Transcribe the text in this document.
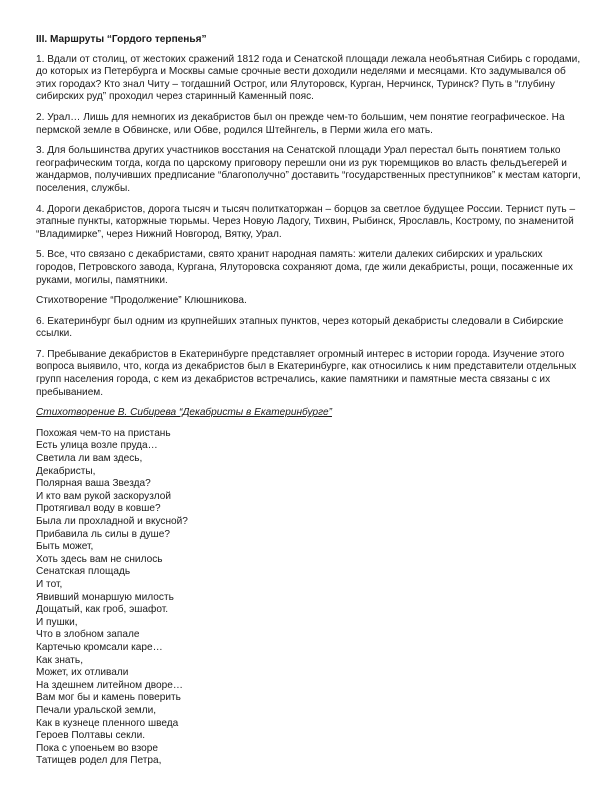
III. Маршруты “Гордого терпенья”

1. Вдали от столиц, от жестоких сражений 1812 года и Сенатской площади лежала необъятная Сибирь с городами, до которых из Петербурга и Москвы самые срочные вести доходили неделями и месяцами. Кто задумывался об этих городах? Кто знал Читу – тогдашний Острог, или Ялуторовск, Курган, Нерчинск, Туринск? Путь в “глубину сибирских руд” проходил через старинный Каменный пояс.

2. Урал… Лишь для немногих из декабристов был он прежде чем-то большим, чем понятие географическое. На пермской земле в Обвинске, или Обве, родился Штейнгель, в Перми жила его мать.

3. Для большинства других участников восстания на Сенатской площади Урал перестал быть понятием только географическим тогда, когда по царскому приговору перешли они из рук тюремщиков во власть фельдъегерей и жандармов, получивших предписание “благополучно” доставить “государственных преступников” к местам каторги, поселения, службы.

4. Дороги декабристов, дорога тысяч и тысяч политкаторжан – борцов за светлое будущее России. Тернист путь – этапные пункты, каторжные тюрьмы. Через Новую Ладогу, Тихвин, Рыбинск, Ярославль, Кострому, по знаменитой “Владимирке”, через Нижний Новгород, Вятку, Урал.

5. Все, что связано с декабристами, свято хранит народная память: жители далеких сибирских и уральских городов, Петровского завода, Кургана, Ялуторовска сохраняют дома, где жили декабристы, рощи, посаженные их руками, могилы, памятники.

Стихотворение “Продолжение” Клюшникова.

6. Екатеринбург был одним из крупнейших этапных пунктов, через который декабристы следовали в Сибирские ссылки.

7. Пребывание декабристов в Екатеринбурге представляет огромный интерес в истории города. Изучение этого вопроса выявило, что, когда из декабристов был в Екатеринбурге, как относились к ним представители отдельных групп населения города, с кем из декабристов встречались, какие памятники и памятные места связаны с их пребыванием.

Стихотворение В. Сибирева “Декабристы в Екатеринбурге”

Похожая чем-то на пристань
Есть улица возле пруда…
Светила ли вам здесь,
Декабристы,
Полярная ваша Звезда?
И кто вам рукой заскорузлой
Протягивал воду в ковше?
Была ли прохладной и вкусной?
Прибавила ль силы в душе?
Быть может,
Хоть здесь вам не снилось
Сенатская площадь
И тот,
Явивший монаршую милость
Дощатый, как гроб, эшафот.
И пушки,
Что в злобном запале
Картечью кромсали каре…
Как знать,
Может, их отливали
На здешнем литейном дворе…
Вам мог бы и камень поверить
Печали уральской земли,
Как в кузнеце пленного шведа
Героев Полтавы секли.
Пока с упоеньем во взоре
Татищев родел для Петра,
